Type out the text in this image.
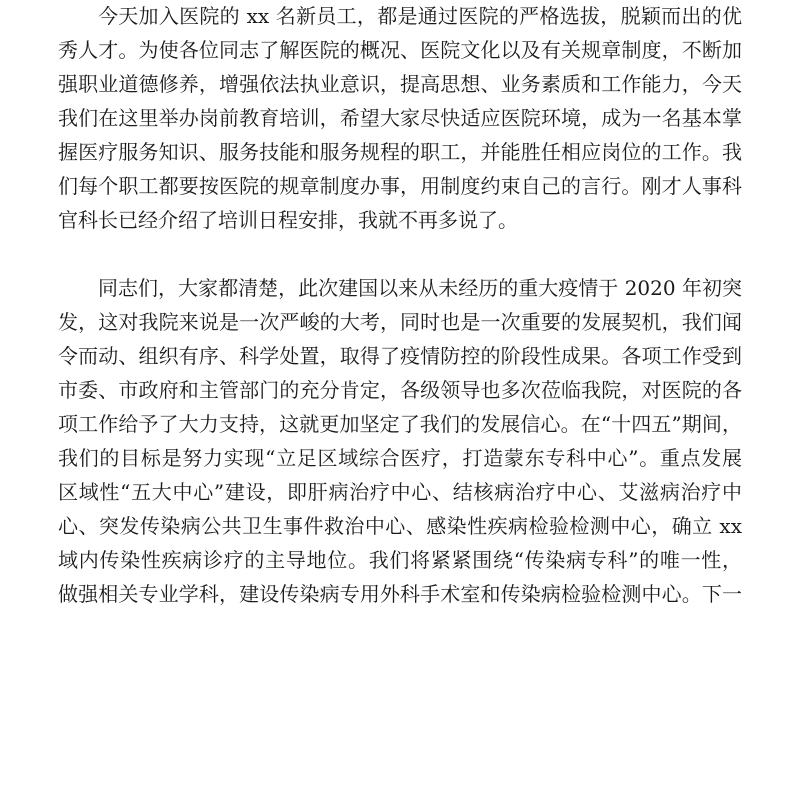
今天加入医院的 xx 名新员工，都是通过医院的严格选拔，脱颖而出的优

秀人才。为使各位同志了解医院的概况、医院文化以及有关规章制度，不断加

强职业道德修养，增强依法执业意识，提高思想、业务素质和工作能力，今天

我们在这里举办岗前教育培训，希望大家尽快适应医院环境，成为一名基本掌

握医疗服务知识、服务技能和服务规程的职工，并能胜任相应岗位的工作。我

们每个职工都要按医院的规章制度办事，用制度约束自己的言行。刚才人事科

官科长已经介绍了培训日程安排，我就不再多说了。

同志们，大家都清楚，此次建国以来从未经历的重大疫情于 2020 年初突

发，这对我院来说是一次严峻的大考，同时也是一次重要的发展契机，我们闻

令而动、组织有序、科学处置，取得了疫情防控的阶段性成果。各项工作受到

市委、市政府和主管部门的充分肯定，各级领导也多次莅临我院，对医院的各

项工作给予了大力支持，这就更加坚定了我们的发展信心。在“十四五”期间，

我们的目标是努力实现“立足区域综合医疗，打造蒙东专科中心”。重点发展

区域性“五大中心”建设，即肝病治疗中心、结核病治疗中心、艾滋病治疗中

心、突发传染病公共卫生事件救治中心、感染性疾病检验检测中心，确立 xx

域内传染性疾病诊疗的主导地位。我们将紧紧围绕“传染病专科”的唯一性，

做强相关专业学科，建设传染病专用外科手术室和传染病检验检测中心。下一
